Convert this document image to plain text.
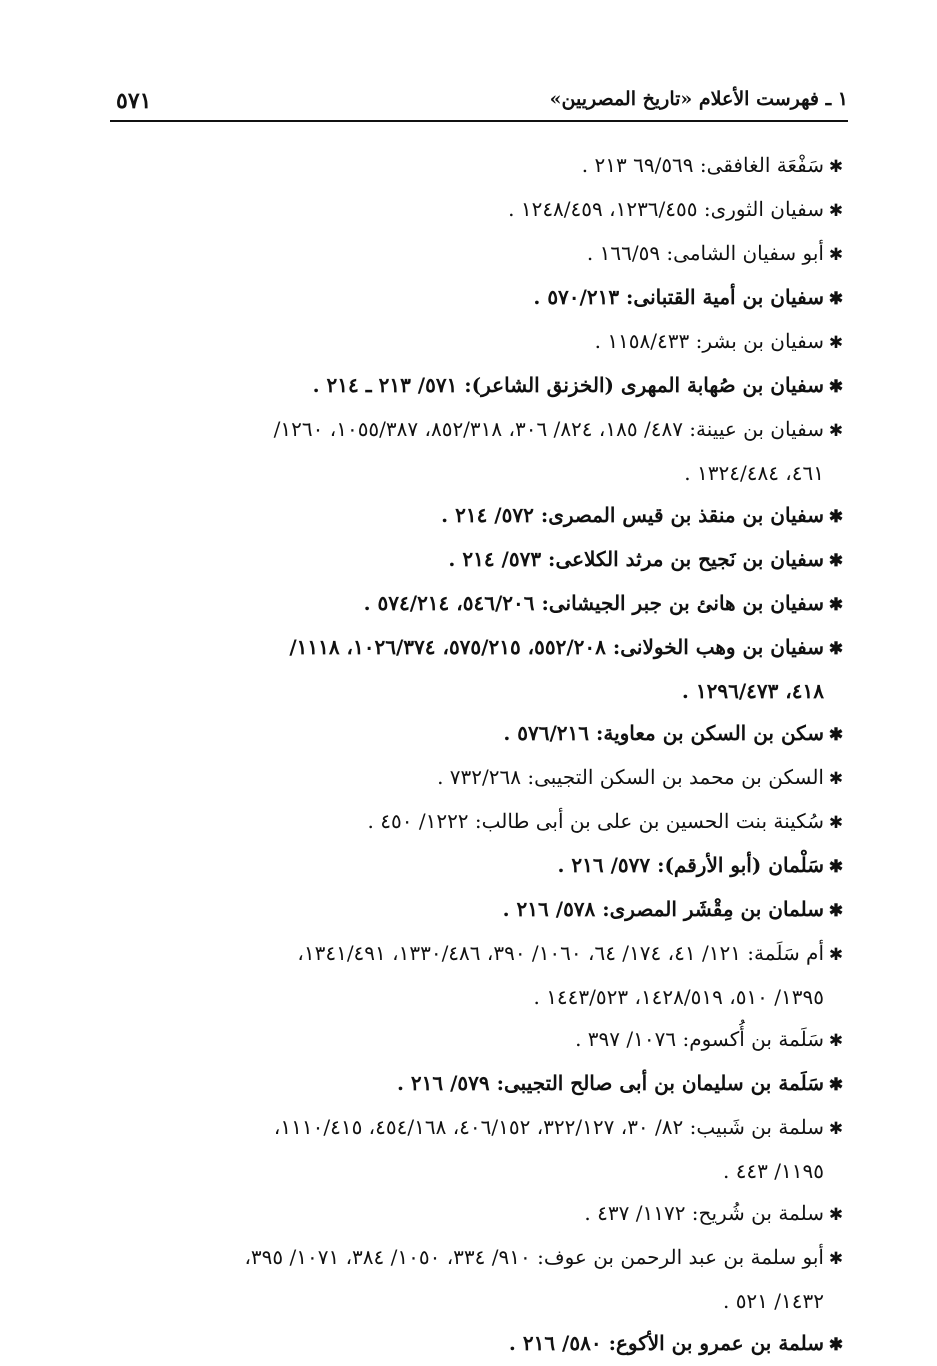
١ ـ فهرست الأعلام «تاريخ المصريين»
٥٧١
✱سَفْعَة الغافقى: ٦٩/٥٦٩ ٢١٣ .
✱سفيان الثورى: ١٢٣٦/٤٥٥، ١٢٤٨/٤٥٩ .
✱أبو سفيان الشامى: ١٦٦/٥٩ .
✱سفيان بن أمية القتبانى: ٥٧٠/٢١٣ .
✱سفيان بن بشر: ١١٥٨/٤٣٣ .
✱سفيان بن صُهابة المهرى (الخزنق الشاعر): ٥٧١/ ٢١٣ ـ ٢١٤ .
✱سفيان بن عيينة: ٤٨٧/ ١٨٥، ٨٢٤/ ٣٠٦، ٨٥٢/٣١٨، ١٠٥٥/٣٨٧، ١٢٦٠/
٤٦١، ١٣٢٤/٤٨٤ .
✱سفيان بن منقذ بن قيس المصرى: ٥٧٢/ ٢١٤ .
✱سفيان بن نَجيح بن مرثد الكلاعى: ٥٧٣/ ٢١٤ .
✱سفيان بن هانئ بن جبر الجيشانى: ٥٤٦/٢٠٦، ٥٧٤/٢١٤ .
✱سفيان بن وهب الخولانى: ٥٥٢/٢٠٨، ٥٧٥/٢١٥، ١٠٢٦/٣٧٤، ١١١٨/
٤١٨، ١٢٩٦/٤٧٣ .
✱سكن بن السكن بن معاوية: ٥٧٦/٢١٦ .
✱السكن بن محمد بن السكن التجيبى: ٧٣٢/٢٦٨ .
✱سُكينة بنت الحسين بن على بن أبى طالب: ١٢٢٢/ ٤٥٠ .
✱سَلْمان (أبو الأرقم): ٥٧٧/ ٢١٦ .
✱سلمان بن مِقْشَر المصرى: ٥٧٨/ ٢١٦ .
✱أم سَلَمة: ١٢١/ ٤١، ١٧٤/ ٦٤، ١٠٦٠/ ٣٩٠، ١٣٣٠/٤٨٦، ١٣٤١/٤٩١،
١٣٩٥/ ٥١٠، ١٤٢٨/٥١٩، ١٤٤٣/٥٢٣ .
✱سَلَمة بن أُكسوم: ١٠٧٦/ ٣٩٧ .
✱سَلَمة بن سليمان بن أبى صالح التجيبى: ٥٧٩/ ٢١٦ .
✱سلمة بن شَبيب: ٨٢/ ٣٠، ٣٢٢/١٢٧، ٤٠٦/١٥٢، ٤٥٤/١٦٨، ١١١٠/٤١٥،
١١٩٥/ ٤٤٣ .
✱سلمة بن شُريح: ١١٧٢/ ٤٣٧ .
✱أبو سلمة بن عبد الرحمن بن عوف: ٩١٠/ ٣٣٤، ١٠٥٠/ ٣٨٤، ١٠٧١/ ٣٩٥،
١٤٣٢/ ٥٢١ .
✱سلمة بن عمرو بن الأكوع: ٥٨٠/ ٢١٦ .
